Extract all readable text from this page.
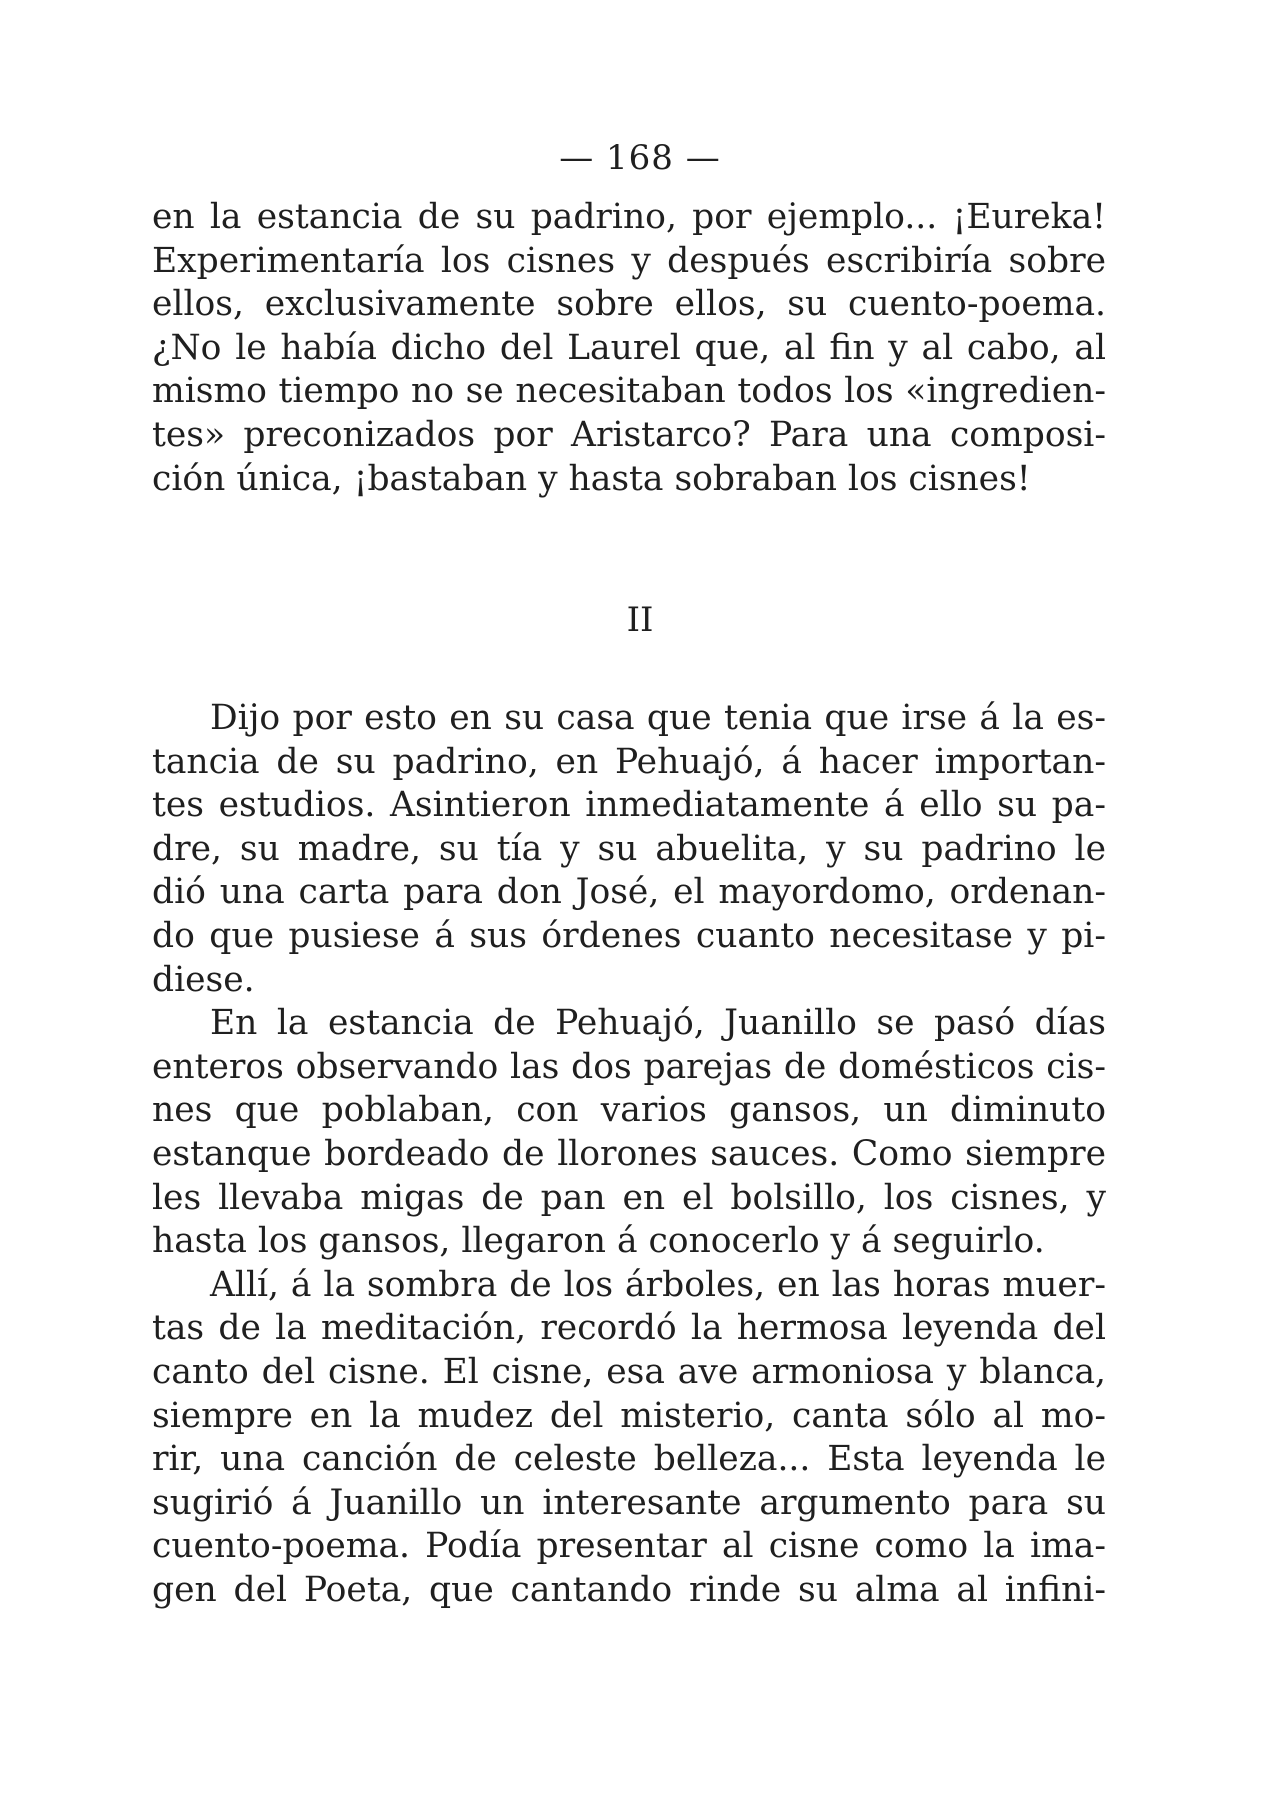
— 168 —
en la estancia de su padrino, por ejemplo... ¡Eureka!
Experimentaría los cisnes y después escribiría sobre
ellos, exclusivamente sobre ellos, su cuento-poema.
¿No le había dicho del Laurel que, al fin y al cabo, al
mismo tiempo no se necesitaban todos los «ingredien-
tes» preconizados por Aristarco? Para una composi-
ción única, ¡bastaban y hasta sobraban los cisnes!
II
Dijo por esto en su casa que tenia que irse á la es-
tancia de su padrino, en Pehuajó, á hacer importan-
tes estudios. Asintieron inmediatamente á ello su pa-
dre, su madre, su tía y su abuelita, y su padrino le
dió una carta para don José, el mayordomo, ordenan-
do que pusiese á sus órdenes cuanto necesitase y pi-
diese.
En la estancia de Pehuajó, Juanillo se pasó días
enteros observando las dos parejas de domésticos cis-
nes que poblaban, con varios gansos, un diminuto
estanque bordeado de llorones sauces. Como siempre
les llevaba migas de pan en el bolsillo, los cisnes, y
hasta los gansos, llegaron á conocerlo y á seguirlo.
Allí, á la sombra de los árboles, en las horas muer-
tas de la meditación, recordó la hermosa leyenda del
canto del cisne. El cisne, esa ave armoniosa y blanca,
siempre en la mudez del misterio, canta sólo al mo-
rir, una canción de celeste belleza... Esta leyenda le
sugirió á Juanillo un interesante argumento para su
cuento-poema. Podía presentar al cisne como la ima-
gen del Poeta, que cantando rinde su alma al infini-
